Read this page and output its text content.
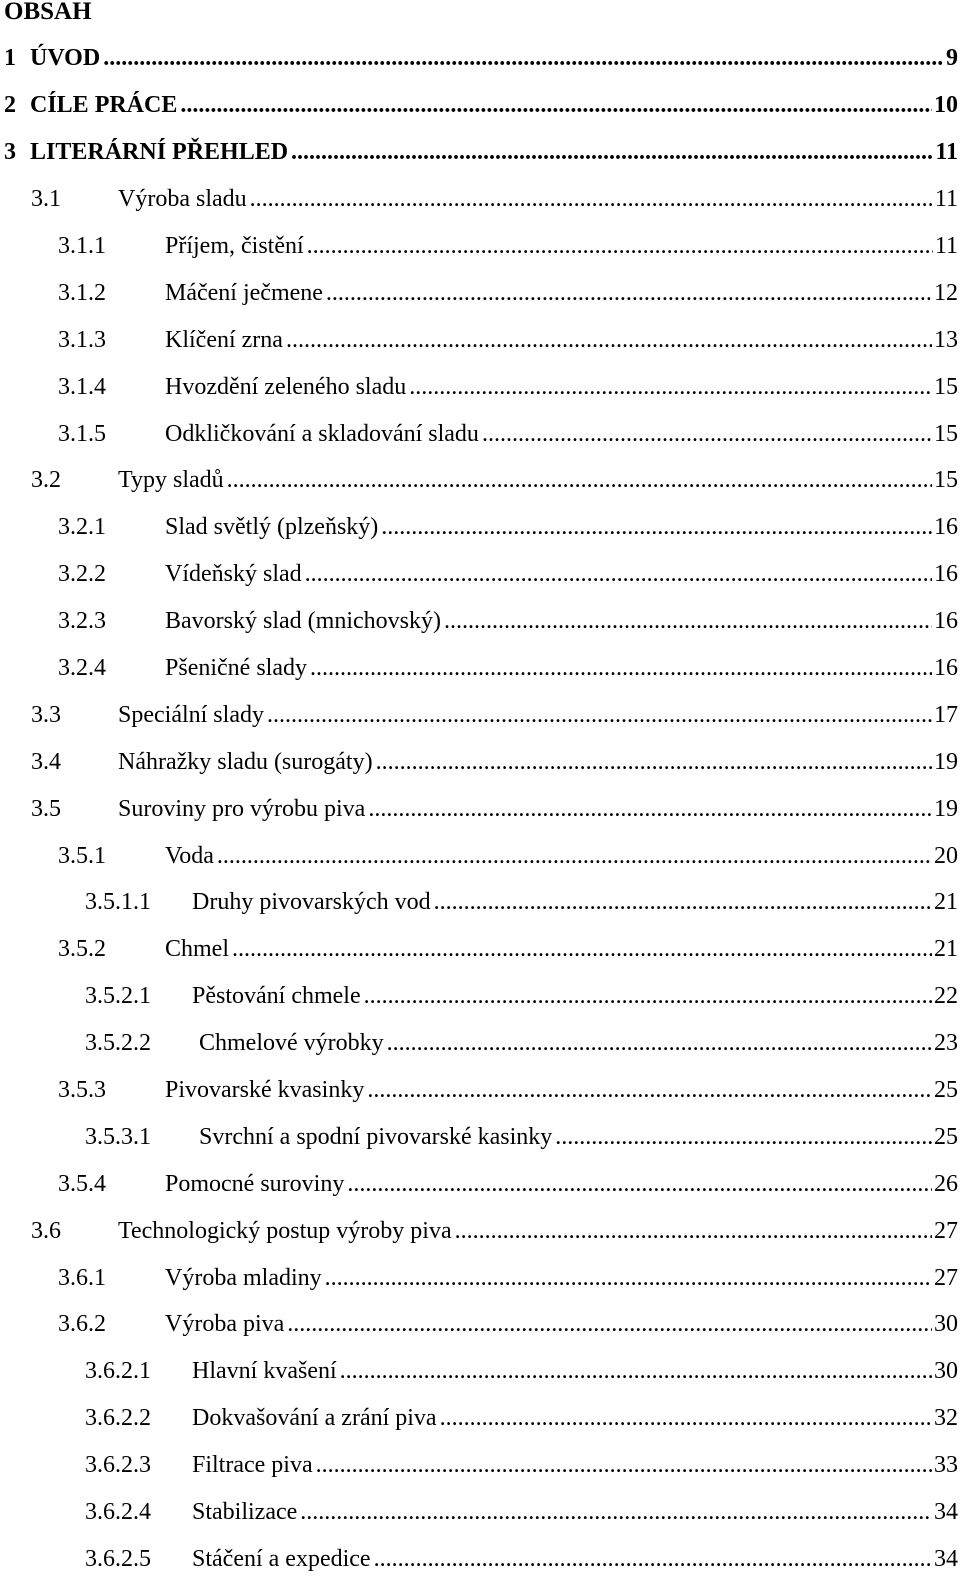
OBSAH
1 ÚVOD .....	9
2 CÍLE PRÁCE .....	10
3 LITERÁRNÍ PŘEHLED .....	11
3.1 Výroba sladu .....	11
3.1.1 Příjem, čistění .....	11
3.1.2 Máčení ječmene .....	12
3.1.3 Klíčení zrna .....	13
3.1.4 Hvozdění zeleného sladu .....	15
3.1.5 Odkličkování a skladování sladu .....	15
3.2 Typy sladů .....	15
3.2.1 Slad světlý (plzeňský) .....	16
3.2.2 Vídeňský slad .....	16
3.2.3 Bavorský slad (mnichovský) .....	16
3.2.4 Pšeničné slady .....	16
3.3 Speciální slady .....	17
3.4 Náhražky sladu (surogáty) .....	19
3.5 Suroviny pro výrobu piva .....	19
3.5.1 Voda .....	20
3.5.1.1 Druhy pivovarských vod .....	21
3.5.2 Chmel .....	21
3.5.2.1 Pěstování chmele .....	22
3.5.2.2 Chmelové výrobky .....	23
3.5.3 Pivovarské kvasinky .....	25
3.5.3.1 Svrchní a spodní pivovarské kasinky .....	25
3.5.4 Pomocné suroviny .....	26
3.6 Technologický postup výroby piva .....	27
3.6.1 Výroba mladiny .....	27
3.6.2 Výroba piva .....	30
3.6.2.1 Hlavní kvašení .....	30
3.6.2.2 Dokvašování a zrání piva .....	32
3.6.2.3 Filtrace piva .....	33
3.6.2.4 Stabilizace .....	34
3.6.2.5 Stáčení a expedice .....	34
